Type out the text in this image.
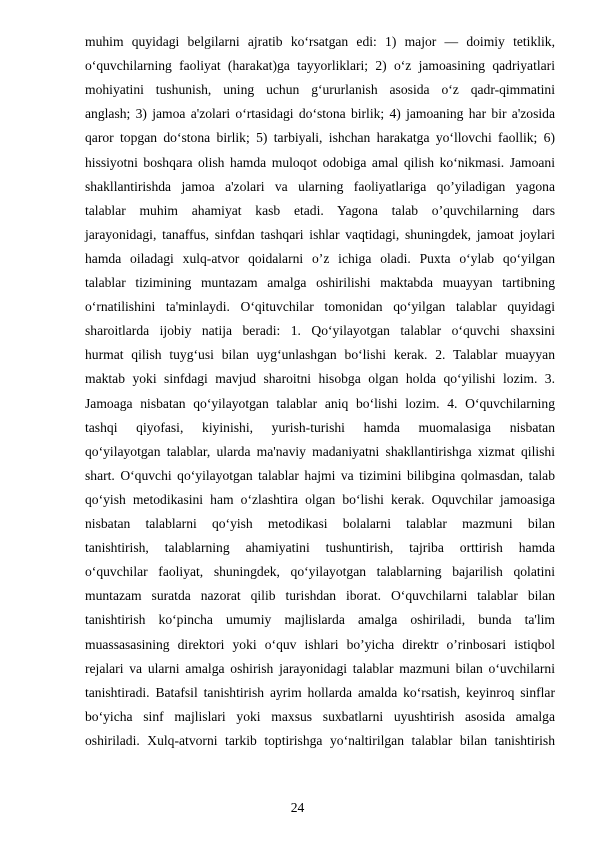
muhim quyidagi belgilarni ajratib ko‘rsatgan edi: 1) major — doimiy tetiklik,
o‘quvchilarning faoliyat (harakat)ga tayyorliklari; 2) o‘z jamoasining qadriyatlari
mohiyatini tushunish, uning uchun g‘ururlanish asosida o‘z qadr-qimmatini
anglash; 3) jamoa a'zolari o‘rtasidagi do‘stona birlik; 4) jamoaning har bir a'zosida
qaror topgan do‘stona birlik; 5) tarbiyali, ishchan harakatga yo‘llovchi faollik; 6)
hissiyotni boshqara olish hamda muloqot odobiga amal qilish ko‘nikmasi. Jamoani
shakllantirishda jamoa a'zolari va ularning faoliyatlariga qo’yiladigan yagona
talablar muhim ahamiyat kasb etadi. Yagona talab o’quvchilarning dars
jarayonidagi, tanaffus, sinfdan tashqari ishlar vaqtidagi, shuningdek, jamoat joylari
hamda oiladagi xulq-atvor qoidalarni o’z ichiga oladi. Puxta o‘ylab qo‘yilgan
talablar tizimining muntazam amalga oshirilishi maktabda muayyan tartibning
o‘rnatilishini ta'minlaydi. O‘qituvchilar tomonidan qo‘yilgan talablar quyidagi
sharoitlarda ijobiy natija beradi: 1. Qo‘yilayotgan talablar o‘quvchi shaxsini
hurmat qilish tuyg‘usi bilan uyg‘unlashgan bo‘lishi kerak. 2. Talablar muayyan
maktab yoki sinfdagi mavjud sharoitni hisobga olgan holda qo‘yilishi lozim. 3.
Jamoaga nisbatan qo‘yilayotgan talablar aniq bo‘lishi lozim. 4. O‘quvchilarning
tashqi qiyofasi, kiyinishi, yurish-turishi hamda muomalasiga nisbatan
qo‘yilayotgan talablar, ularda ma'naviy madaniyatni shakllantirishga xizmat qilishi
shart. O‘quvchi qo‘yilayotgan talablar hajmi va tizimini bilibgina qolmasdan, talab
qo‘yish metodikasini ham o‘zlashtira olgan bo‘lishi kerak. Oquvchilar jamoasiga
nisbatan talablarni qo‘yish metodikasi bolalarni talablar mazmuni bilan
tanishtirish, talablarning ahamiyatini tushuntirish, tajriba orttirish hamda
o‘quvchilar faoliyat, shuningdek, qo‘yilayotgan talablarning bajarilish qolatini
muntazam suratda nazorat qilib turishdan iborat. O‘quvchilarni talablar bilan
tanishtirish ko‘pincha umumiy majlislarda amalga oshiriladi, bunda ta'lim
muassasasining direktori yoki o‘quv ishlari bo’yicha direktr o’rinbosari istiqbol
rejalari va ularni amalga oshirish jarayonidagi talablar mazmuni bilan o‘uvchilarni
tanishtiradi. Batafsil tanishtirish ayrim hollarda amalda ko‘rsatish, keyinroq sinflar
bo‘yicha sinf majlislari yoki maxsus suxbatlarni uyushtirish asosida amalga
oshiriladi. Xulq-atvorni tarkib toptirishga yo‘naltirilgan talablar bilan tanishtirish
24
